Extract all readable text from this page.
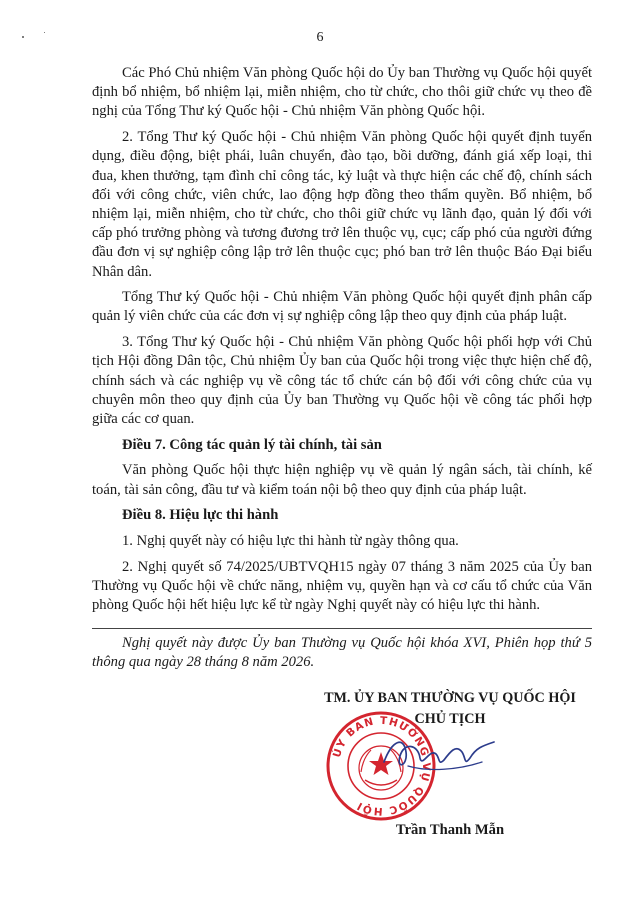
6

Các Phó Chủ nhiệm Văn phòng Quốc hội do Ủy ban Thường vụ Quốc hội quyết định bổ nhiệm, bổ nhiệm lại, miễn nhiệm, cho từ chức, cho thôi giữ chức vụ theo đề nghị của Tổng Thư ký Quốc hội - Chủ nhiệm Văn phòng Quốc hội.

2. Tổng Thư ký Quốc hội - Chủ nhiệm Văn phòng Quốc hội quyết định tuyển dụng, điều động, biệt phái, luân chuyển, đào tạo, bồi dưỡng, đánh giá xếp loại, thi đua, khen thưởng, tạm đình chỉ công tác, kỷ luật và thực hiện các chế độ, chính sách đối với công chức, viên chức, lao động hợp đồng theo thẩm quyền. Bổ nhiệm, bổ nhiệm lại, miễn nhiệm, cho từ chức, cho thôi giữ chức vụ lãnh đạo, quản lý đối với cấp phó trưởng phòng và tương đương trở lên thuộc vụ, cục; cấp phó của người đứng đầu đơn vị sự nghiệp công lập trở lên thuộc cục; phó ban trở lên thuộc Báo Đại biểu Nhân dân.

Tổng Thư ký Quốc hội - Chủ nhiệm Văn phòng Quốc hội quyết định phân cấp quản lý viên chức của các đơn vị sự nghiệp công lập theo quy định của pháp luật.

3. Tổng Thư ký Quốc hội - Chủ nhiệm Văn phòng Quốc hội phối hợp với Chủ tịch Hội đồng Dân tộc, Chủ nhiệm Ủy ban của Quốc hội trong việc thực hiện chế độ, chính sách và các nghiệp vụ về công tác tổ chức cán bộ đối với công chức của vụ chuyên môn theo quy định của Ủy ban Thường vụ Quốc hội về công tác phối hợp giữa các cơ quan.

Điều 7. Công tác quản lý tài chính, tài sản

Văn phòng Quốc hội thực hiện nghiệp vụ về quản lý ngân sách, tài chính, kế toán, tài sản công, đầu tư và kiểm toán nội bộ theo quy định của pháp luật.

Điều 8. Hiệu lực thi hành

1. Nghị quyết này có hiệu lực thi hành từ ngày thông qua.

2. Nghị quyết số 74/2025/UBTVQH15 ngày 07 tháng 3 năm 2025 của Ủy ban Thường vụ Quốc hội về chức năng, nhiệm vụ, quyền hạn và cơ cấu tổ chức của Văn phòng Quốc hội hết hiệu lực kể từ ngày Nghị quyết này có hiệu lực thi hành.

Nghị quyết này được Ủy ban Thường vụ Quốc hội khóa XVI, Phiên họp thứ 5 thông qua ngày 28 tháng 8 năm 2026.
TM. ỦY BAN THƯỜNG VỤ QUỐC HỘI
CHỦ TỊCH
ỦY BAN THƯỜNG VỤ QUỐC HỘI
Trần Thanh Mẫn
